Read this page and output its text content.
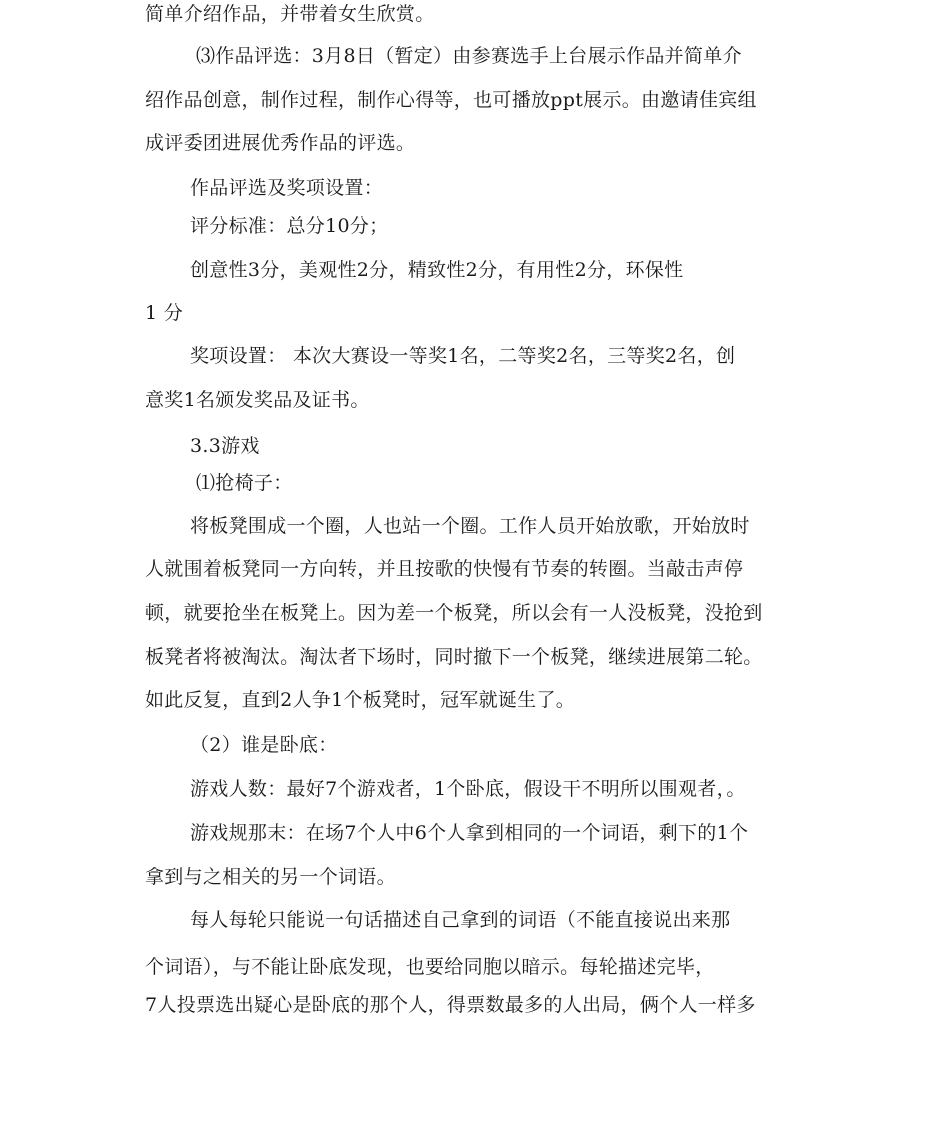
简单介绍作品，并带着女生欣赏。
⑶作品评选：3月8日（暂定）由参赛选手上台展示作品并简单介
绍作品创意，制作过程，制作心得等，也可播放ppt展示。由邀请佳宾组
成评委团进展优秀作品的评选。
作品评选及奖项设置：
评分标准：总分10分；
创意性3分，美观性2分，精致性2分，有用性2分，环保性
1 分
奖项设置： 本次大赛设一等奖1名，二等奖2名，三等奖2名，创
意奖1名颁发奖品及证书。
3.3游戏
⑴抢椅子：
将板凳围成一个圈，人也站一个圈。工作人员开始放歌，开始放时
人就围着板凳同一方向转，并且按歌的快慢有节奏的转圈。当敲击声停
顿，就要抢坐在板凳上。因为差一个板凳，所以会有一人没板凳，没抢到
板凳者将被淘汰。淘汰者下场时，同时撤下一个板凳，继续进展第二轮。
如此反复，直到2人争1个板凳时，冠军就诞生了。
（2）谁是卧底：
游戏人数：最好7个游戏者，1个卧底，假设干不明所以围观者，。
游戏规那末：在场7个人中6个人拿到相同的一个词语，剩下的1个
拿到与之相关的另一个词语。
每人每轮只能说一句话描述自己拿到的词语（不能直接说出来那
个词语），与不能让卧底发现，也要给同胞以暗示。每轮描述完毕，
7人投票选出疑心是卧底的那个人，得票数最多的人出局，俩个人一样多
